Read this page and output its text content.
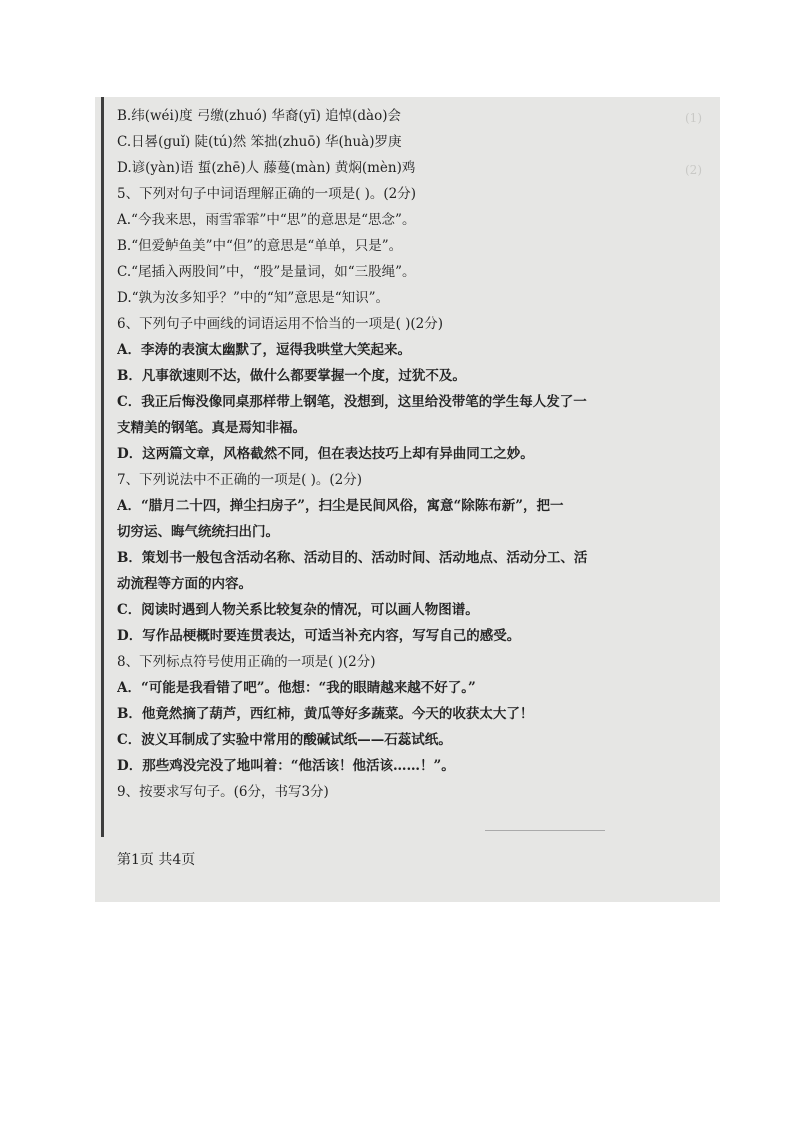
(1)
(2)
B.纬(wéi)度 弓缴(zhuó) 华裔(yī) 追悼(dào)会
C.日晷(guǐ) 陡(tú)然 笨拙(zhuō) 华(huà)罗庚
D.谚(yàn)语 蜇(zhē)人 藤蔓(màn) 黄焖(mèn)鸡
5、下列对句子中词语理解正确的一项是( )。(2分)
A.“今我来思，雨雪霏霏”中“思”的意思是“思念”。
B.“但爱鲈鱼美”中“但”的意思是“单单，只是”。
C.“尾插入两股间”中，“股”是量词，如“三股绳”。
D.“孰为汝多知乎？”中的“知”意思是“知识”。
6、下列句子中画线的词语运用不恰当的一项是( )(2分)
A．李涛的表演太幽默了，逗得我哄堂大笑起来。
B．凡事欲速则不达，做什么都要掌握一个度，过犹不及。
C．我正后悔没像同桌那样带上钢笔，没想到，这里给没带笔的学生每人发了一
支精美的钢笔。真是焉知非福。
D．这两篇文章，风格截然不同，但在表达技巧上却有异曲同工之妙。
7、下列说法中不正确的一项是( )。(2分)
A．“腊月二十四，掸尘扫房子”，扫尘是民间风俗，寓意“除陈布新”，把一
切穷运、晦气统统扫出门。
B．策划书一般包含活动名称、活动目的、活动时间、活动地点、活动分工、活
动流程等方面的内容。
C．阅读时遇到人物关系比较复杂的情况，可以画人物图谱。
D．写作品梗概时要连贯表达，可适当补充内容，写写自己的感受。
8、下列标点符号使用正确的一项是( )(2分)
A．“可能是我看错了吧”。他想：“我的眼睛越来越不好了。”
B．他竟然摘了葫芦，西红柿，黄瓜等好多蔬菜。今天的收获太大了！
C．波义耳制成了实验中常用的酸碱试纸——石蕊试纸。
D．那些鸡没完没了地叫着：“他活该！他活该……！”。
9、按要求写句子。(6分，书写3分)
第1页 共4页
